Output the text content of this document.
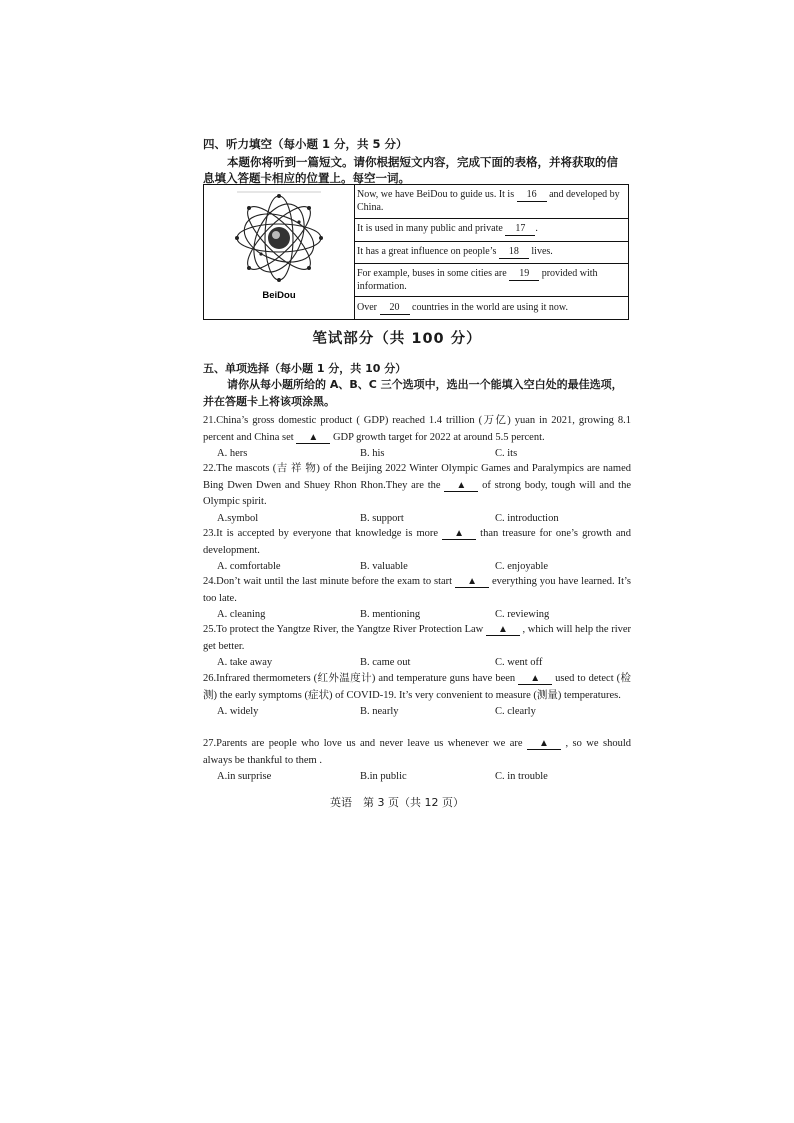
四、听力填空（每小题 1 分，共 5 分）
本题你将听到一篇短文。请你根据短文内容，完成下面的表格，并将获取的信
息填入答题卡相应的位置上。每空一词。
BeiDou
	Now, we have BeiDou to guide us. It is 16 and developed by China.
It is used in many public and private 17 .
It has a great influence on people’s 18 lives.
For example, buses in some cities are 19 provided with information.
Over 20 countries in the world are using it now.
笔试部分（共 100 分）
五、单项选择（每小题 1 分，共 10 分）
请你从每小题所给的 A、B、C 三个选项中，选出一个能填入空白处的最佳选项，
并在答题卡上将该项涂黑。
21.China’s gross domestic product ( GDP) reached 1.4 trillion (万亿) yuan in 2021, growing 8.1 percent and China set ▲ GDP growth target for 2022 at around 5.5 percent.
A. hers	B. his	C. its
22.The mascots (吉 祥 物) of the Beijing 2022 Winter Olympic Games and Paralympics are named Bing Dwen Dwen and Shuey Rhon Rhon.They are the ▲ of strong body, tough will and the Olympic spirit.
A.symbol	B. support	C. introduction
23.It is accepted by everyone that knowledge is more ▲ than treasure for one’s growth and development.
A. comfortable	B. valuable	C. enjoyable
24.Don’t wait until the last minute before the exam to start ▲ everything you have learned. It’s too late.
A. cleaning	B. mentioning	C. reviewing
25.To protect the Yangtze River, the Yangtze River Protection Law ▲ , which will help the river get better.
A. take away	B. came out	C. went off
26.Infrared thermometers (红外温度计) and temperature guns have been ▲ used to detect (检测) the early symptoms (症状) of COVID-19. It’s very convenient to measure (测量) temperatures.
A. widely	B. nearly	C. clearly
27.Parents are people who love us and never leave us whenever we are ▲ , so we should always be thankful to them .
A.in surprise	B.in public	C. in trouble
英语　第 3 页（共 12 页）
